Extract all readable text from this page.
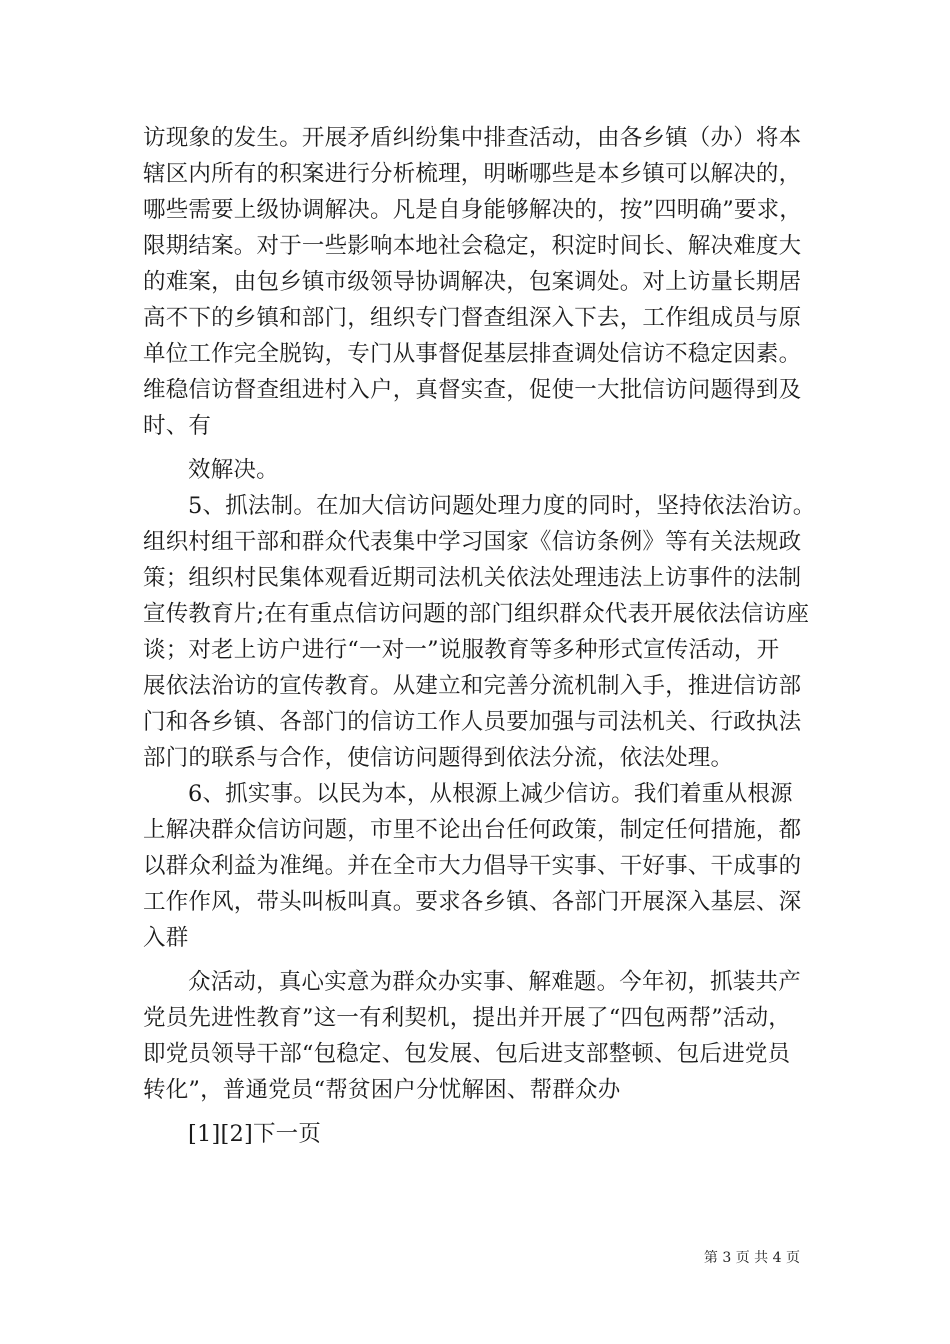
访现象的发生。开展矛盾纠纷集中排查活动，由各乡镇（办）将本
辖区内所有的积案进行分析梳理，明晰哪些是本乡镇可以解决的，
哪些需要上级协调解决。凡是自身能够解决的，按”四明确”要求，
限期结案。对于一些影响本地社会稳定，积淀时间长、解决难度大
的难案，由包乡镇市级领导协调解决，包案调处。对上访量长期居
高不下的乡镇和部门，组织专门督查组深入下去，工作组成员与原
单位工作完全脱钩，专门从事督促基层排查调处信访不稳定因素。
维稳信访督查组进村入户，真督实查，促使一大批信访问题得到及
时、有
效解决。
5、抓法制。在加大信访问题处理力度的同时，坚持依法治访。
组织村组干部和群众代表集中学习国家《信访条例》等有关法规政
策；组织村民集体观看近期司法机关依法处理违法上访事件的法制
宣传教育片;在有重点信访问题的部门组织群众代表开展依法信访座
谈；对老上访户进行“一对一”说服教育等多种形式宣传活动，开
展依法治访的宣传教育。从建立和完善分流机制入手，推进信访部
门和各乡镇、各部门的信访工作人员要加强与司法机关、行政执法
部门的联系与合作，使信访问题得到依法分流，依法处理。
6、抓实事。以民为本，从根源上减少信访。我们着重从根源
上解决群众信访问题，市里不论出台任何政策，制定任何措施，都
以群众利益为准绳。并在全市大力倡导干实事、干好事、干成事的
工作作风，带头叫板叫真。要求各乡镇、各部门开展深入基层、深
入群
众活动，真心实意为群众办实事、解难题。今年初，抓装共产
党员先进性教育”这一有利契机，提出并开展了“四包两帮”活动，
即党员领导干部“包稳定、包发展、包后进支部整顿、包后进党员
转化”，普通党员“帮贫困户分忧解困、帮群众办
[1][2]下一页
第 3 页 共 4 页
